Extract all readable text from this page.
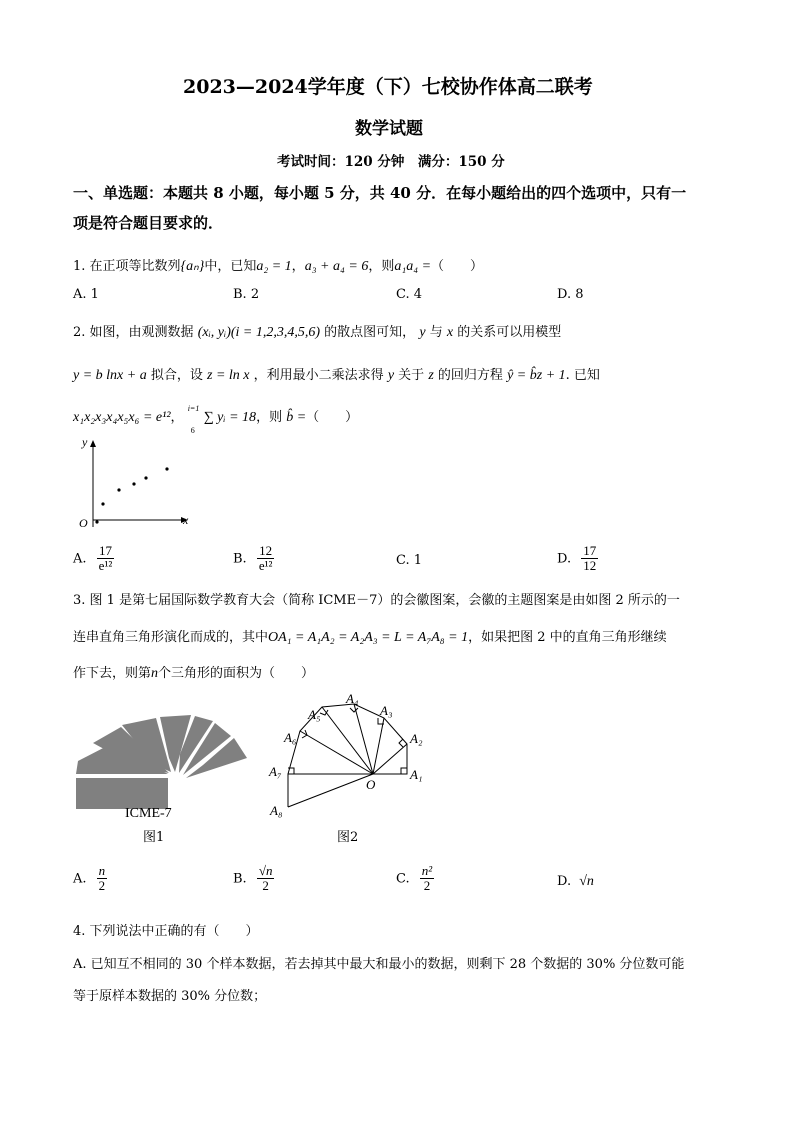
2023—2024学年度（下）七校协作体高二联考
数学试题
考试时间：120 分钟　满分：150 分
一、单选题：本题共 8 小题，每小题 5 分，共 40 分．在每小题给出的四个选项中，只有一
项是符合题目要求的．
1. 在正项等比数列{aₙ}中，已知a₂ = 1，a₃ + a₄ = 6，则a₁a₄ =（　　）
A. 1	B. 2	C. 4	D. 8
2. 如图，由观测数据 (xᵢ, yᵢ)(i = 1,2,3,4,5,6) 的散点图可知， y 与 x 的关系可以用模型
y = b lnx + a 拟合，设 z = ln x ，利用最小二乘法求得 y 关于 z 的回归方程 ŷ = b̂z + 1. 已知
x₁x₂x₃x₄x₅x₆ = e¹²，
i=1
6
∑ yᵢ = 18，则 b̂ =（　　）
y
x
O
A. $\frac{17}{\text{e¹²}}$	B. $\frac{12}{\text{e¹²}}$	C. 1	D. $\frac{17}{12}$
3. 图 1 是第七届国际数学教育大会（简称 ICME－7）的会徽图案，会徽的主题图案是由如图 2 所示的一
连串直角三角形演化而成的，其中OA₁ = A₁A₂ = A₂A₃ = L = A₇A₈ = 1，如果把图 2 中的直角三角形继续
作下去，则第n个三角形的面积为（　　）
ICME-7
图1
A₁
A₂
A₃
A₄
A₅
A₆
A₇
A₈
O
图2
A. $\frac{n}{2}$	B. $\frac{√n}{2}$	C. $\frac{\text{n²}}{2}$	D. √n
4. 下列说法中正确的有（　　）
A. 已知互不相同的 30 个样本数据，若去掉其中最大和最小的数据，则剩下 28 个数据的 30% 分位数可能
等于原样本数据的 30% 分位数；
